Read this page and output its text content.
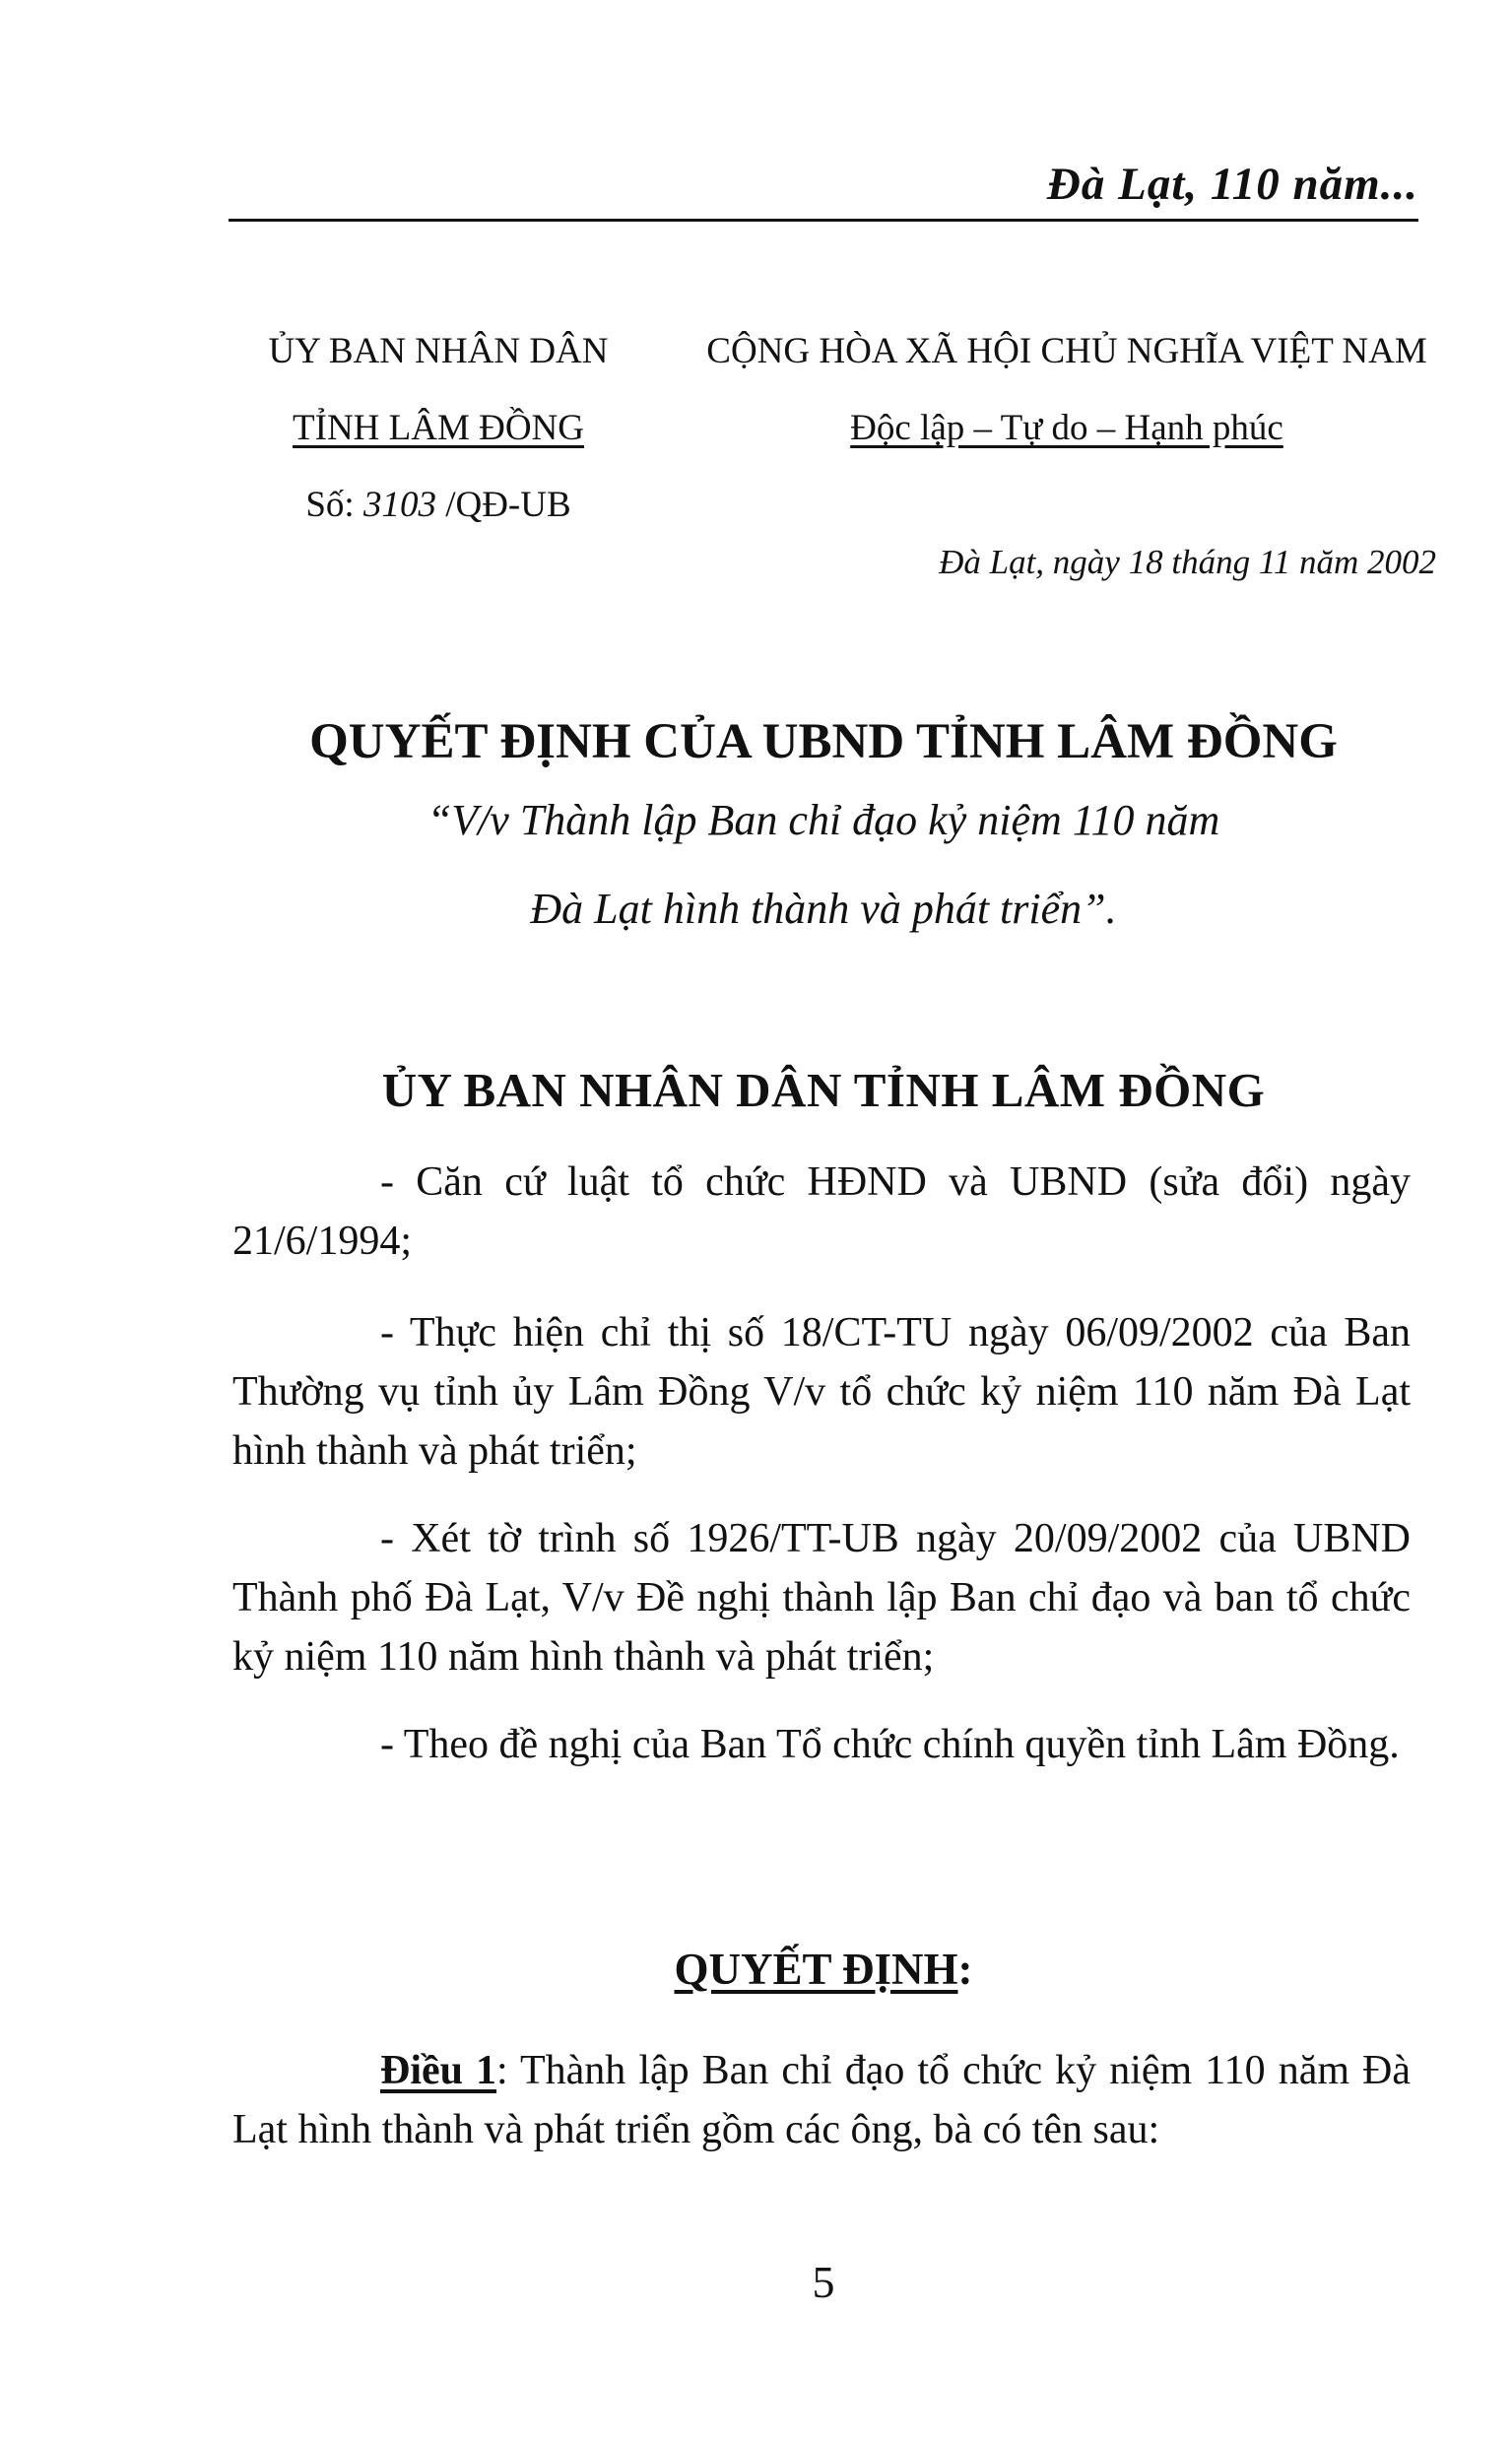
Đà Lạt, 110 năm...
ỦY BAN NHÂN DÂN
TỈNH LÂM ĐỒNG
Số: 3103 /QĐ-UB
CỘNG HÒA XÃ HỘI CHỦ NGHĨA VIỆT NAM
Độc lập – Tự do – Hạnh phúc
Đà Lạt, ngày 18 tháng 11 năm 2002
QUYẾT ĐỊNH CỦA UBND TỈNH LÂM ĐỒNG
“V/v Thành lập Ban chỉ đạo kỷ niệm 110 năm
Đà Lạt hình thành và phát triển”.
ỦY BAN NHÂN DÂN TỈNH LÂM ĐỒNG

- Căn cứ luật tổ chức HĐND và UBND (sửa đổi) ngày 21/6/1994;

- Thực hiện chỉ thị số 18/CT-TU ngày 06/09/2002 của Ban Thường vụ tỉnh ủy Lâm Đồng V/v tổ chức kỷ niệm 110 năm Đà Lạt hình thành và phát triển;

- Xét tờ trình số 1926/TT-UB ngày 20/09/2002 của UBND Thành phố Đà Lạt, V/v Đề nghị thành lập Ban chỉ đạo và ban tổ chức kỷ niệm 110 năm hình thành và phát triển;

- Theo đề nghị của Ban Tổ chức chính quyền tỉnh Lâm Đồng.

QUYẾT ĐỊNH:

Điều 1: Thành lập Ban chỉ đạo tổ chức kỷ niệm 110 năm Đà Lạt hình thành và phát triển gồm các ông, bà có tên sau:

5
